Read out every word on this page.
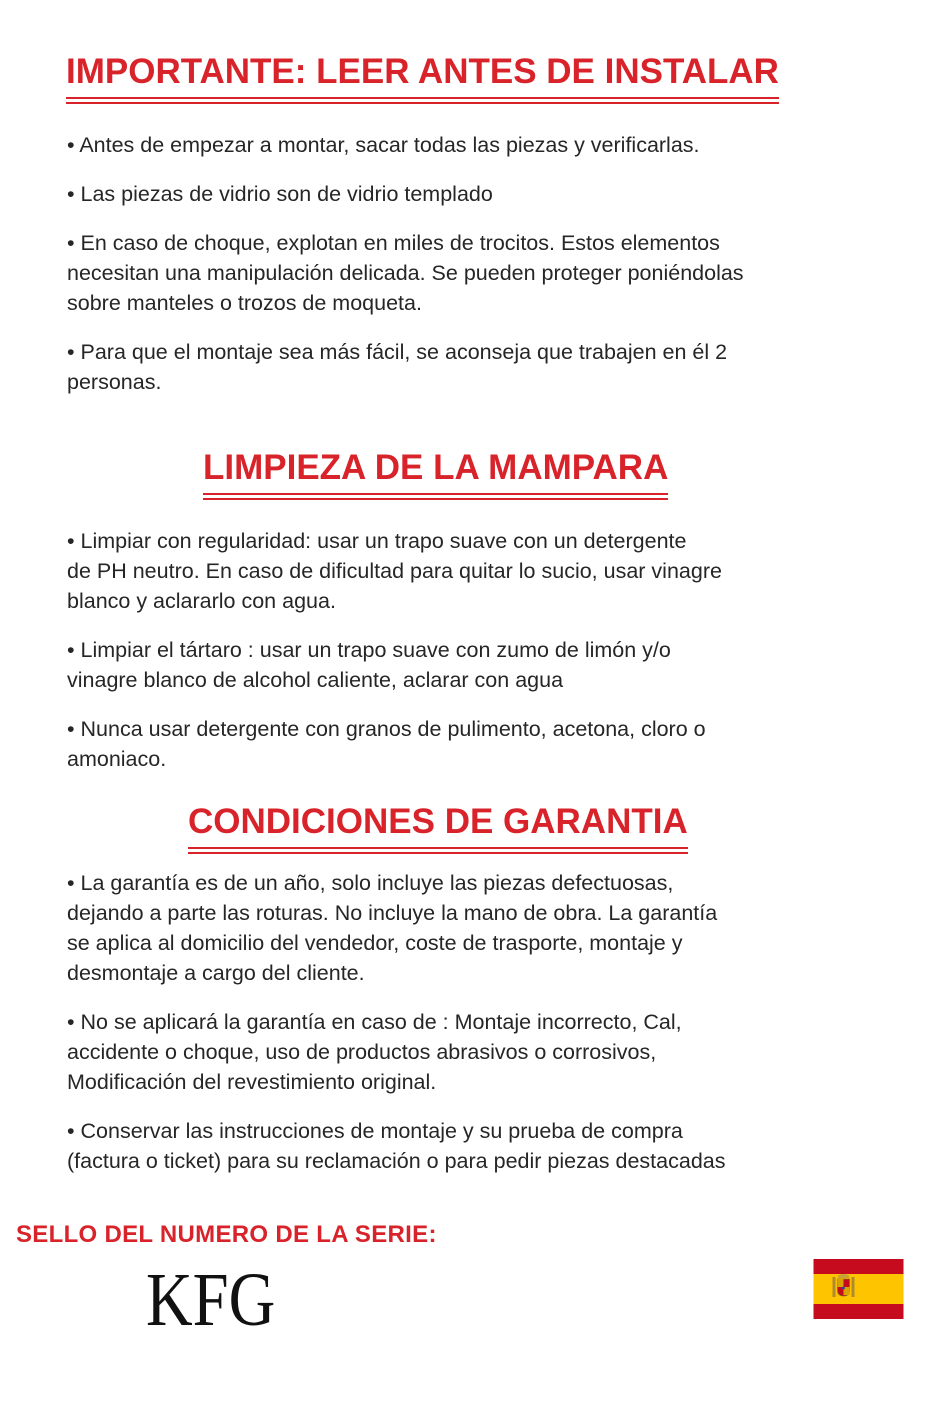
IMPORTANTE: LEER ANTES DE INSTALAR
• Antes de empezar a montar, sacar todas las piezas y verificarlas.
• Las piezas de vidrio son de vidrio templado
• En caso de choque, explotan en miles de trocitos. Estos elementos
necesitan una manipulación delicada. Se pueden proteger poniéndolas
sobre manteles o trozos de moqueta.
• Para que el montaje sea más fácil, se aconseja que trabajen en él 2
personas.
LIMPIEZA DE LA MAMPARA
• Limpiar con regularidad: usar un trapo suave con un detergente
de PH neutro. En caso de dificultad para quitar lo sucio, usar vinagre
blanco y aclararlo con agua.
• Limpiar el tártaro : usar un trapo suave con zumo de limón y/o
vinagre blanco de alcohol caliente, aclarar con agua
• Nunca usar detergente con granos de pulimento, acetona, cloro o
amoniaco.
CONDICIONES DE GARANTIA
• La garantía es de un año, solo incluye las piezas defectuosas,
dejando a parte las roturas. No incluye la mano de obra. La garantía
se aplica al domicilio del vendedor, coste de trasporte, montaje y
desmontaje a cargo del cliente.
• No se aplicará la garantía en caso de : Montaje incorrecto, Cal,
accidente o choque, uso de productos abrasivos o corrosivos,
Modificación del revestimiento original.
• Conservar las instrucciones de montaje y su prueba de compra
(factura o ticket) para su reclamación o para pedir piezas destacadas

SELLO DEL NUMERO DE LA SERIE:

KFG
